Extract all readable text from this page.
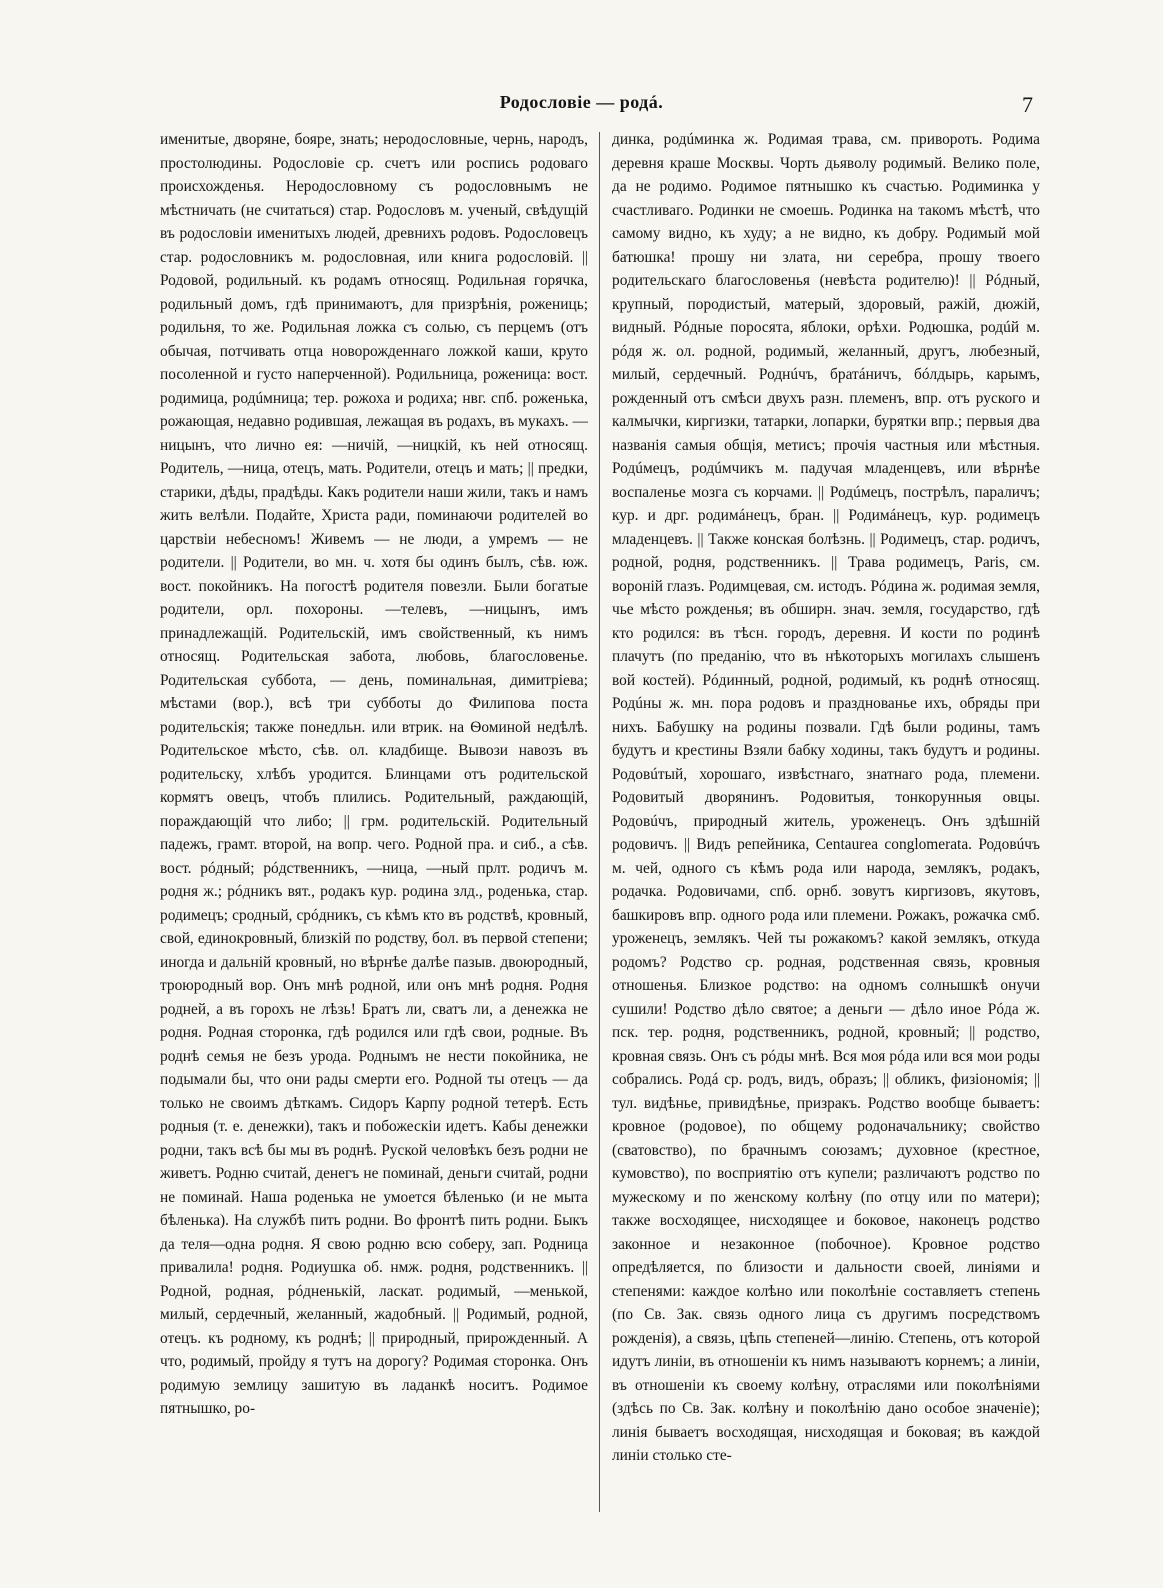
Родословіе — родá.	7

именитые, дворяне, бояре, знать; неродословные, чернь, народъ, простолюдины. Родословіе ср. счетъ или роспись родоваго происхожденья. Неродословному съ родословнымъ не мѣстничать (не считаться) стар. Родословъ м. ученый, свѣдущій въ родословіи именитыхъ людей, древнихъ родовъ. Родословецъ стар. родословникъ м. родословная, или книга родословій. || Родовой, родильный. къ родамъ относящ. Родильная горячка, родильный домъ, гдѣ принимаютъ, для призрѣнія, рожениць; родильня, то же. Родильная ложка съ солью, съ перцемъ (отъ обычая, потчивать отца новорожденнаго ложкой каши, круто посоленной и густо наперченной). Родильница, роженица: вост. родимица, родúмница; тер. рожоха и родиха; нвг. спб. роженька, рожающая, недавно родившая, лежащая въ родахъ, въ мукахъ. —ницынъ, что лично ея: —ничій, —ницкій, къ ней относящ. Родитель, —ница, отецъ, мать. Родители, отецъ и мать; || предки, старики, дѣды, прадѣды. Какъ родители наши жили, такъ и намъ жить велѣли. Подайте, Христа ради, поминаючи родителей во царствіи небесномъ! Живемъ — не люди, а умремъ — не родители. || Родители, во мн. ч. хотя бы одинъ былъ, сѣв. юж. вост. покойникъ. На погостѣ родителя повезли. Были богатые родители, орл. похороны. —телевъ, —ницынъ, имъ принадлежащій. Родительскій, имъ свойственный, къ нимъ относящ. Родительская забота, любовь, благословенье. Родительская суббота, — день, поминальная, димитріева; мѣстами (вор.), всѣ три субботы до Филипова поста родительскія; также понедльн. или втрик. на Ѳоминой недѣлѣ. Родительское мѣсто, сѣв. ол. кладбище. Вывози навозъ въ родительску, хлѣбъ уродится. Блинцами отъ родительской кормятъ овецъ, чтобъ плились. Родительный, раждающій, пораждающій что либо; || грм. родительскій. Родительный падежъ, грамт. второй, на вопр. чего. Родной пра. и сиб., а сѣв. вост. рóдный; рóдственникъ, —ница, —ный прлт. родичъ м. родня ж.; рóдникъ вят., родакъ кур. родина злд., роденька, стар. родимецъ; сродный, срóдникъ, съ кѣмъ кто въ родствѣ, кровный, свой, единокровный, близкій по родству, бол. въ первой степени; иногда и дальній кровный, но вѣрнѣе далѣе пазыв. двоюродный, троюродный вор. Онъ мнѣ родной, или онъ мнѣ родня. Родня родней, а въ горохъ не лѣзь! Братъ ли, сватъ ли, а денежка не родня. Родная сторонка, гдѣ родился или гдѣ свои, родные. Въ роднѣ семья не безъ урода. Роднымъ не нести покойника, не подымали бы, что они рады смерти его. Родной ты отецъ — да только не своимъ дѣткамъ. Сидоръ Карпу родной тетерѣ. Есть родныя (т. е. денежки), такъ и побожескіи идетъ. Кабы денежки родни, такъ всѣ бы мы въ роднѣ. Руской человѣкъ безъ родни не живетъ. Родню считай, денегъ не поминай, деньги считай, родни не поминай. Наша роденька не умоется бѣленько (и не мыта бѣленька). На службѣ пить родни. Во фронтѣ пить родни. Быкъ да теля—одна родня. Я свою родню всю соберу, зап. Родница привалила! родня. Родиушка об. нмж. родня, родственникъ. || Родной, родная, рóдненькій, ласкат. родимый, —менькой, милый, сердечный, желанный, жадобный. || Родимый, родной, отецъ. къ родному, къ роднѣ; || природный, прирожденный. А что, родимый, пройду я тутъ на дорогу? Родимая сторонка. Онъ родимую землицу зашитую въ ладанкѣ носитъ. Родимое пятнышко, ро-

динка, родúминка ж. Родимая трава, см. привороть. Родима деревня краше Москвы. Чорть дьяволу родимый. Велико поле, да не родимо. Родимое пятнышко къ счастью. Родиминка у счастливаго. Родинки не смоешь. Родинка на такомъ мѣстѣ, что самому видно, къ худу; а не видно, къ добру. Родимый мой батюшка! прошу ни злата, ни серебра, прошу твоего родительскаго благословенья (невѣста родителю)! || Рóдный, крупный, породистый, матерый, здоровый, ражій, дюжій, видный. Рóдные поросята, яблоки, орѣхи. Родюшка, родúй м. рóдя ж. ол. родной, родимый, желанный, другъ, любезный, милый, сердечный. Роднúчъ, братáничъ, бóлдырь, карымъ, рожденный отъ смѣси двухъ разн. племенъ, впр. отъ руского и калмычки, киргизки, татарки, лопарки, бурятки впр.; первыя два названія самыя общія, метисъ; прочія частныя или мѣстныя. Родúмецъ, родúмчикъ м. падучая младенцевъ, или вѣрнѣе воспаленье мозга съ корчами. || Родúмецъ, пострѣлъ, параличъ; кур. и дрг. родимáнецъ, бран. || Родимáнецъ, кур. родимецъ младенцевъ. || Также конская болѣзнь. || Родимецъ, стар. родичъ, родной, родня, родственникъ. || Трава родимецъ, Paris, см. вороній глазъ. Родимцевая, см. истодъ. Рóдина ж. родимая земля, чье мѣсто рожденья; въ обширн. знач. земля, государство, гдѣ кто родился: въ тѣсн. городъ, деревня. И кости по родинѣ плачутъ (по преданію, что въ нѣкоторыхъ могилахъ слышенъ вой костей). Рóдинный, родной, родимый, къ роднѣ относящ. Родúны ж. мн. пора родовъ и празднованье ихъ, обряды при нихъ. Бабушку на родины позвали. Гдѣ были родины, тамъ будутъ и крестины Взяли бабку ходины, такъ будутъ и родины. Родовúтый, хорошаго, извѣстнаго, знатнаго рода, племени. Родовитый дворянинъ. Родовитыя, тонкорунныя овцы. Родовúчъ, природный житель, уроженецъ. Онъ здѣшній родовичъ. || Видъ репейника, Centaurea conglomerata. Родовúчъ м. чей, одного съ кѣмъ рода или народа, землякъ, родакъ, родачка. Родовичами, спб. орнб. зовутъ киргизовъ, якутовъ, башкировъ впр. одного рода или племени. Рожакъ, рожачка смб. уроженецъ, землякъ. Чей ты рожакомъ? какой землякъ, откуда родомъ? Родство ср. родная, родственная связь, кровныя отношенья. Близкое родство: на одномъ солнышкѣ онучи сушили! Родство дѣло святое; а деньги — дѣло иное Рóда ж. пск. тер. родня, родственникъ, родной, кровный; || родство, кровная связь. Онъ съ рóды мнѣ. Вся моя рóда или вся мои роды собрались. Родá ср. родъ, видъ, образъ; || обликъ, физіономія; || тул. видѣнье, привидѣнье, призракъ. Родство вообще бываетъ: кровное (родовое), по общему родоначальнику; свойство (сватовство), по брачнымъ союзамъ; духовное (крестное, кумовство), по восприятію отъ купели; различаютъ родство по мужескому и по женскому колѣну (по отцу или по матери); также восходящее, нисходящее и боковое, наконецъ родство законное и незаконное (побочное). Кровное родство опредѣляется, по близости и дальности своей, линіями и степенями: каждое колѣно или поколѣніе составляетъ степень (по Св. Зак. связь одного лица съ другимъ посредствомъ рожденія), а связь, цѣпь степеней—линію. Степень, отъ которой идутъ линіи, въ отношеніи къ нимъ называютъ корнемъ; а линіи, въ отношеніи къ своему колѣну, отраслями или поколѣніями (здѣсь по Св. Зак. колѣну и поколѣнію дано особое значеніе); линія бываетъ восходящая, нисходящая и боковая; въ каждой линіи столько сте-
